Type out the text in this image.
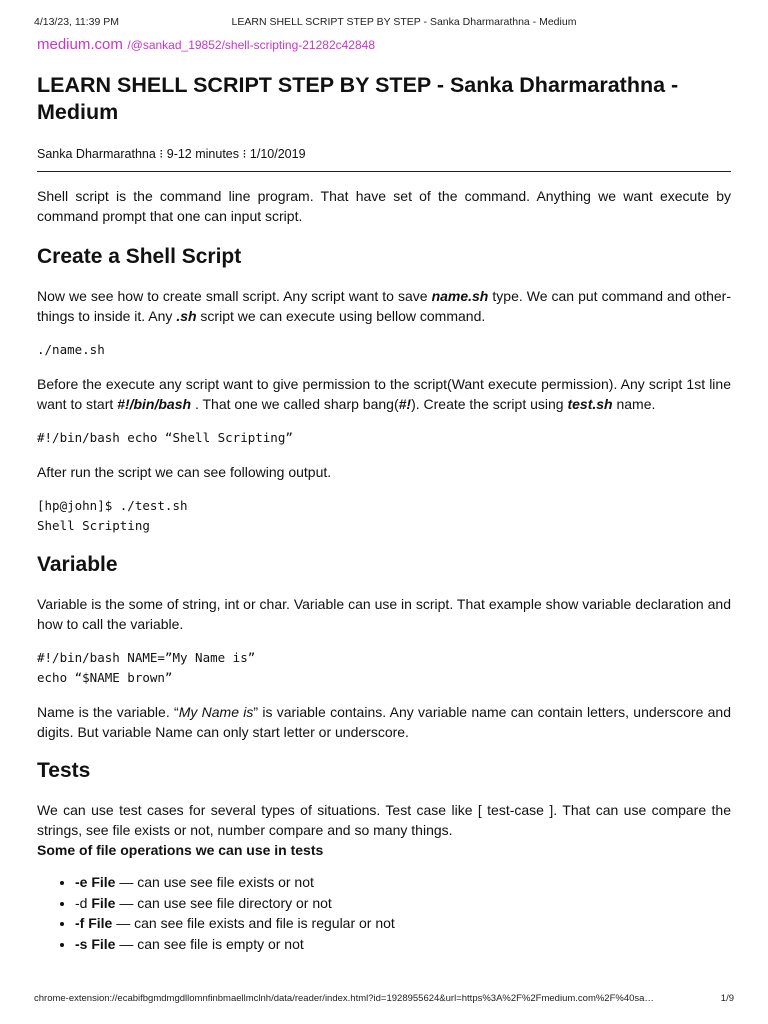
4/13/23, 11:39 PM	LEARN SHELL SCRIPT STEP BY STEP - Sanka Dharmarathna - Medium
medium.com /@sankad_19852/shell-scripting-21282c42848
LEARN SHELL SCRIPT STEP BY STEP - Sanka Dharmarathna - Medium
Sanka Dharmarathna ⁝ 9-12 minutes ⁝ 1/10/2019

Shell script is the command line program. That have set of the command. Anything we want execute by command prompt that one can input script.

Create a Shell Script

Now we see how to create small script. Any script want to save name.sh type. We can put command and other-things to inside it. Any .sh script we can execute using bellow command.

./name.sh

Before the execute any script want to give permission to the script(Want execute permission). Any script 1st line want to start #!/bin/bash . That one we called sharp bang(#!). Create the script using test.sh name.

#!/bin/bash echo “Shell Scripting”

After run the script we can see following output.

[hp@john]$ ./test.sh
Shell Scripting
Variable

Variable is the some of string, int or char. Variable can use in script. That example show variable declaration and how to call the variable.

#!/bin/bash NAME=”My Name is”
echo “$NAME brown”

Name is the variable. “My Name is” is variable contains. Any variable name can contain letters, underscore and digits. But variable Name can only start letter or underscore.

Tests

We can use test cases for several types of situations. Test case like [ test-case ]. That can use compare the strings, see file exists or not, number compare and so many things.

Some of file operations we can use in tests

• -e File — can use see file exists or not
• -d File — can use see file directory or not
• -f File — can see file exists and file is regular or not
• -s File — can see file is empty or not
chrome-extension://ecabifbgmdmgdllomnfinbmaellmclnh/data/reader/index.html?id=1928955624&url=https%3A%2F%2Fmedium.com%2F%40sa…	1/9
